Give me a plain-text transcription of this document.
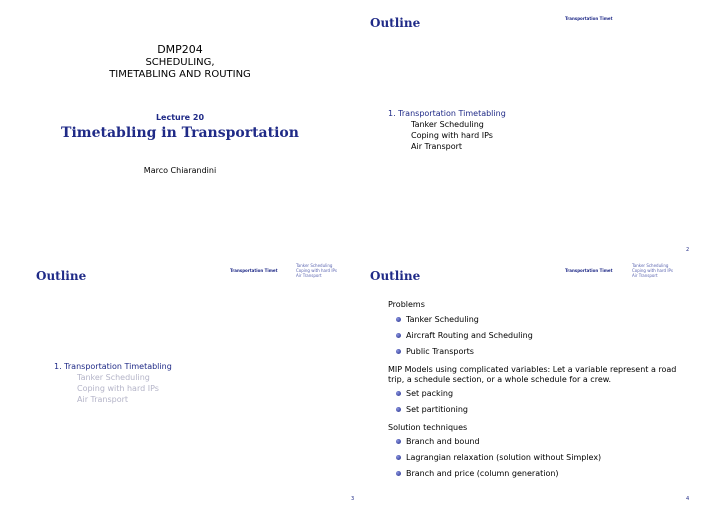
DMP204
SCHEDULING,
TIMETABLING AND ROUTING
Lecture 20
Timetabling in Transportation
Marco Chiarandini
Outline	Transportation Timet
1. Transportation Timetabling
Tanker Scheduling
Coping with hard IPs
Air Transport
2
Outline	Transportation Timet
Tanker Scheduling
Coping with hard IPs
Air Transport
1. Transportation Timetabling
Tanker Scheduling
Coping with hard IPs
Air Transport
3
Outline	Transportation Timet
Tanker Scheduling
Coping with hard IPs
Air Transport
Problems
Tanker Scheduling
Aircraft Routing and Scheduling
Public Transports
MIP Models using complicated variables: Let a variable represent a road
trip, a schedule section, or a whole schedule for a crew.
Set packing
Set partitioning
Solution techniques
Branch and bound
Lagrangian relaxation (solution without Simplex)
Branch and price (column generation)
4
